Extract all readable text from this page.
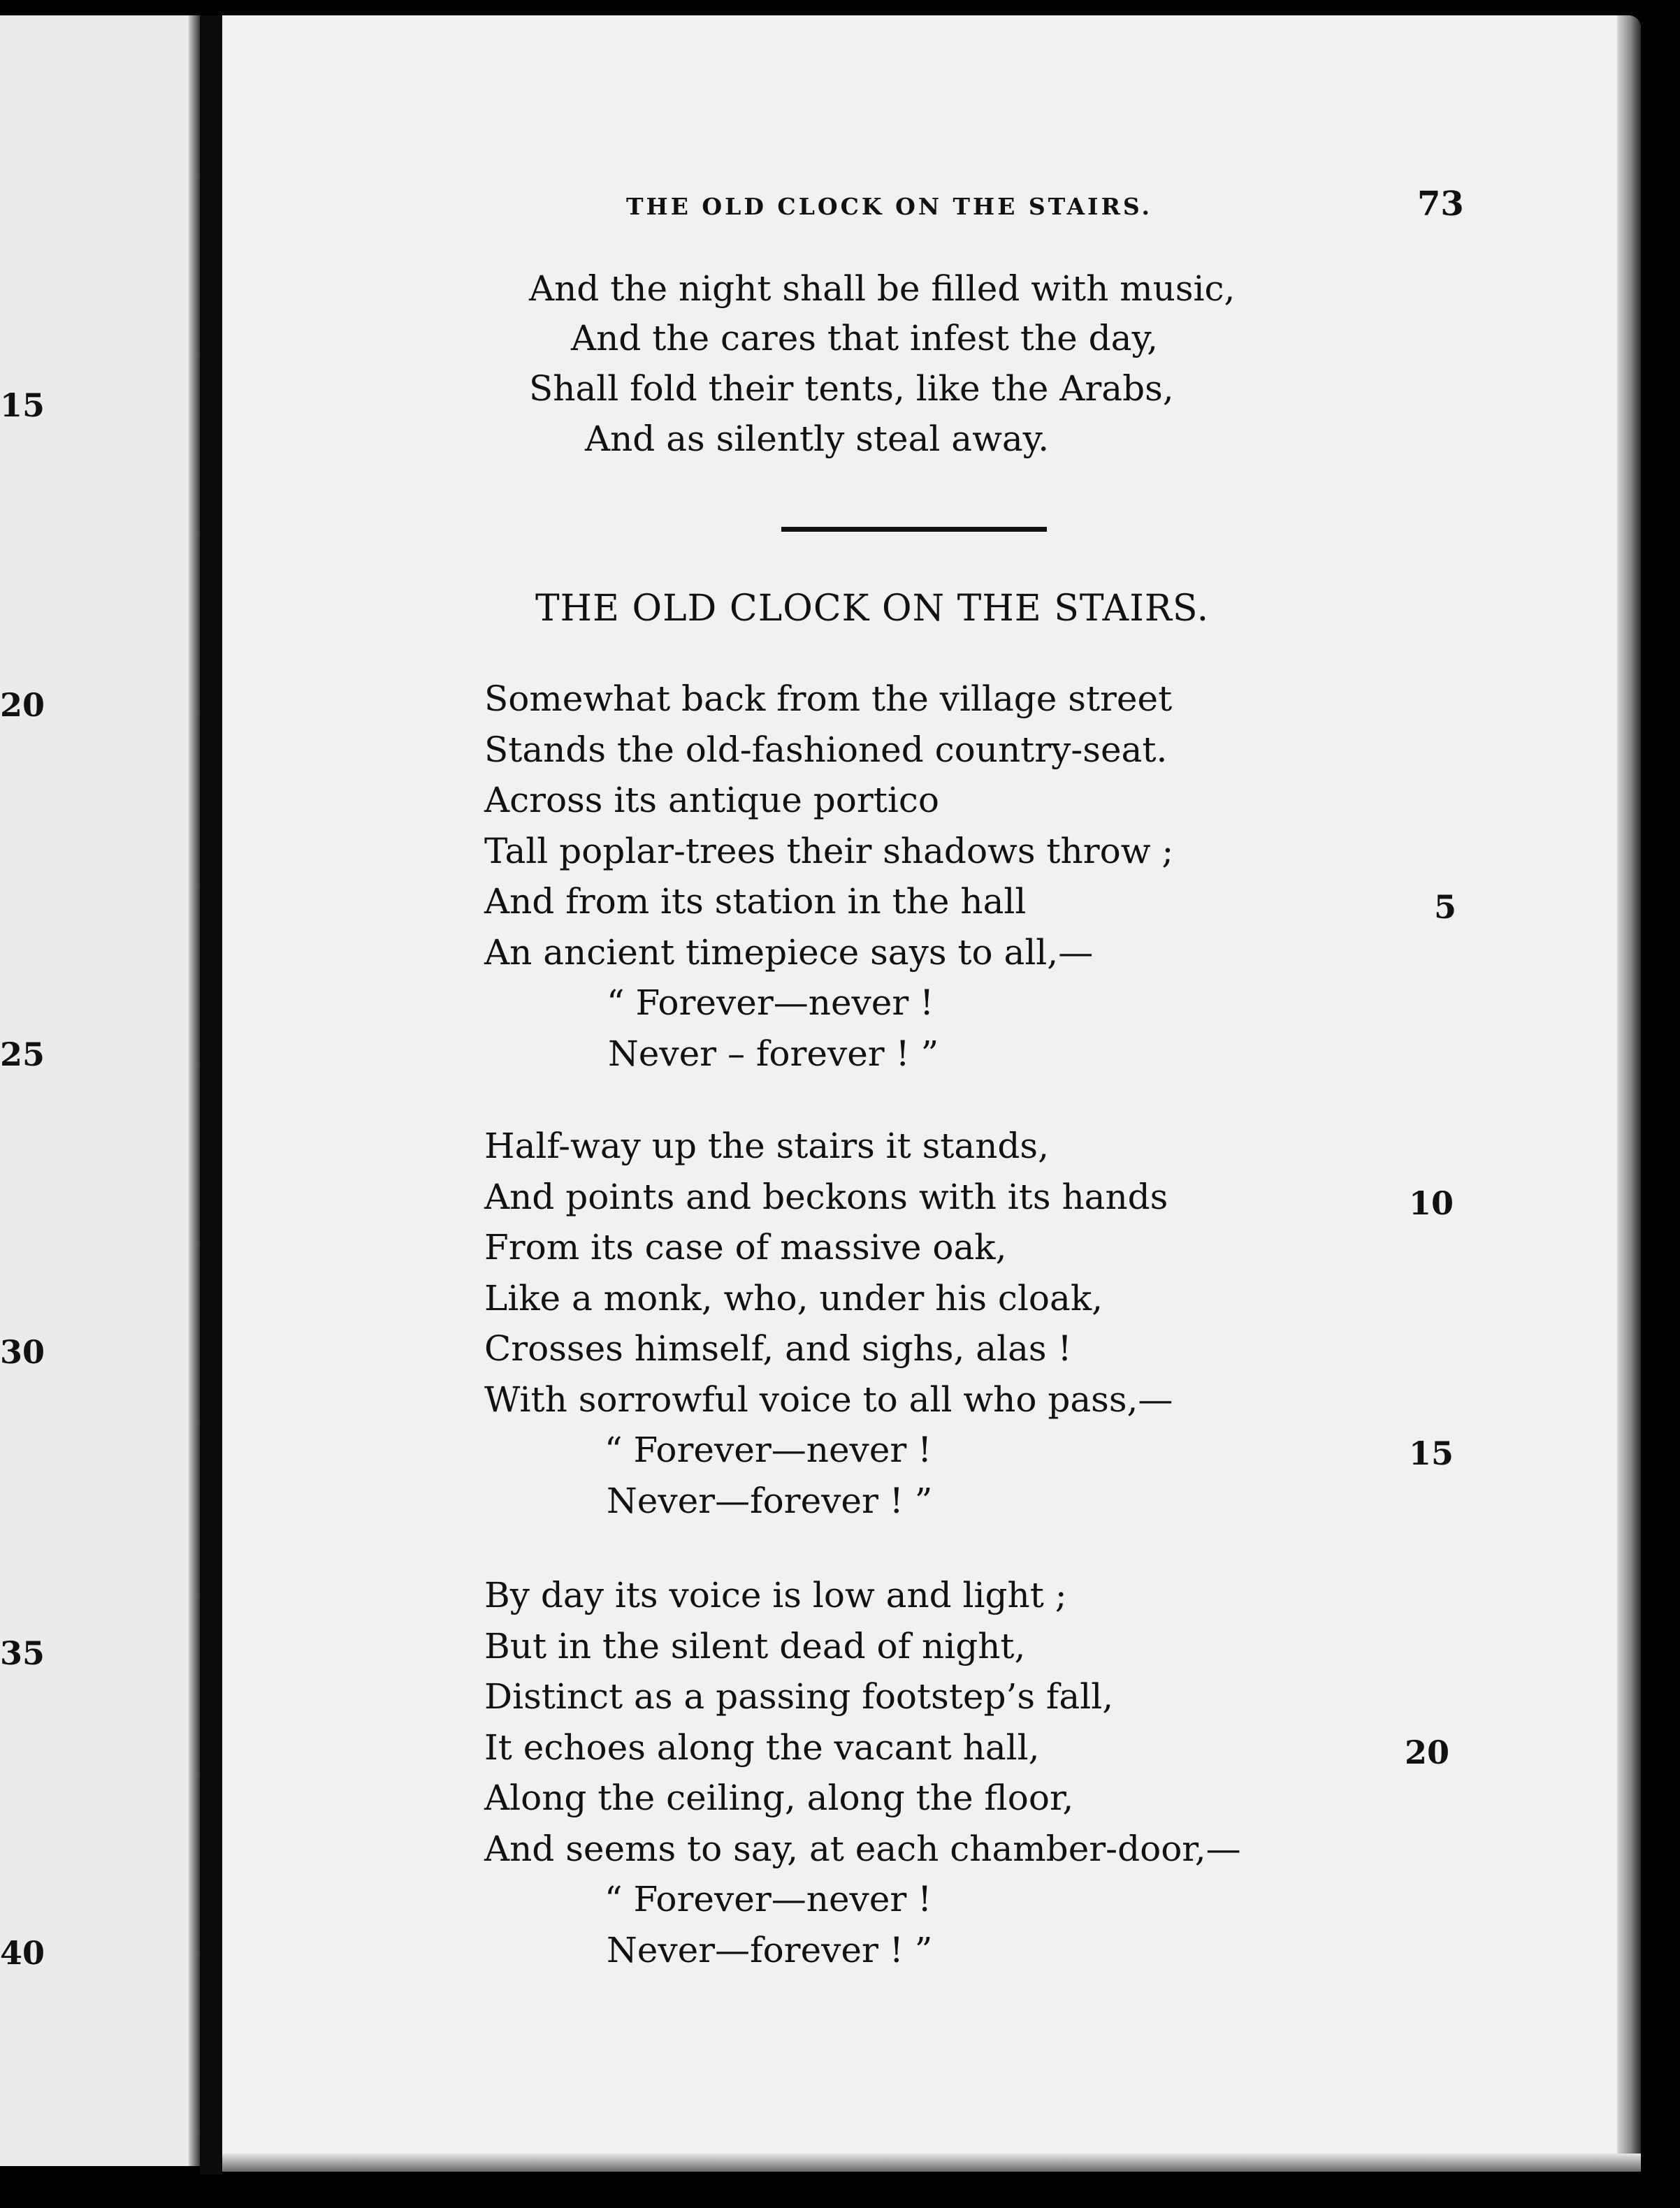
15

20

25

30

35

40

THE OLD CLOCK ON THE STAIRS.	73

And the night shall be filled with music,
And the cares that infest the day,
Shall fold their tents, like the Arabs,
And as silently steal away.
THE OLD CLOCK ON THE STAIRS.
Somewhat back from the village street
Stands the old-fashioned country-seat.
Across its antique portico
Tall poplar-trees their shadows throw ;
And from its station in the hall
An ancient timepiece says to all,—
“ Forever—never !
Never – forever ! ”
Half-way up the stairs it stands,
And points and beckons with its hands
From its case of massive oak,
Like a monk, who, under his cloak,
Crosses himself, and sighs, alas !
With sorrowful voice to all who pass,—
“ Forever—never !
Never—forever ! ”
By day its voice is low and light ;
But in the silent dead of night,
Distinct as a passing footstep’s fall,
It echoes along the vacant hall,
Along the ceiling, along the floor,
And seems to say, at each chamber-door,—
“ Forever—never !
Never—forever ! ”

5

10

15

20
